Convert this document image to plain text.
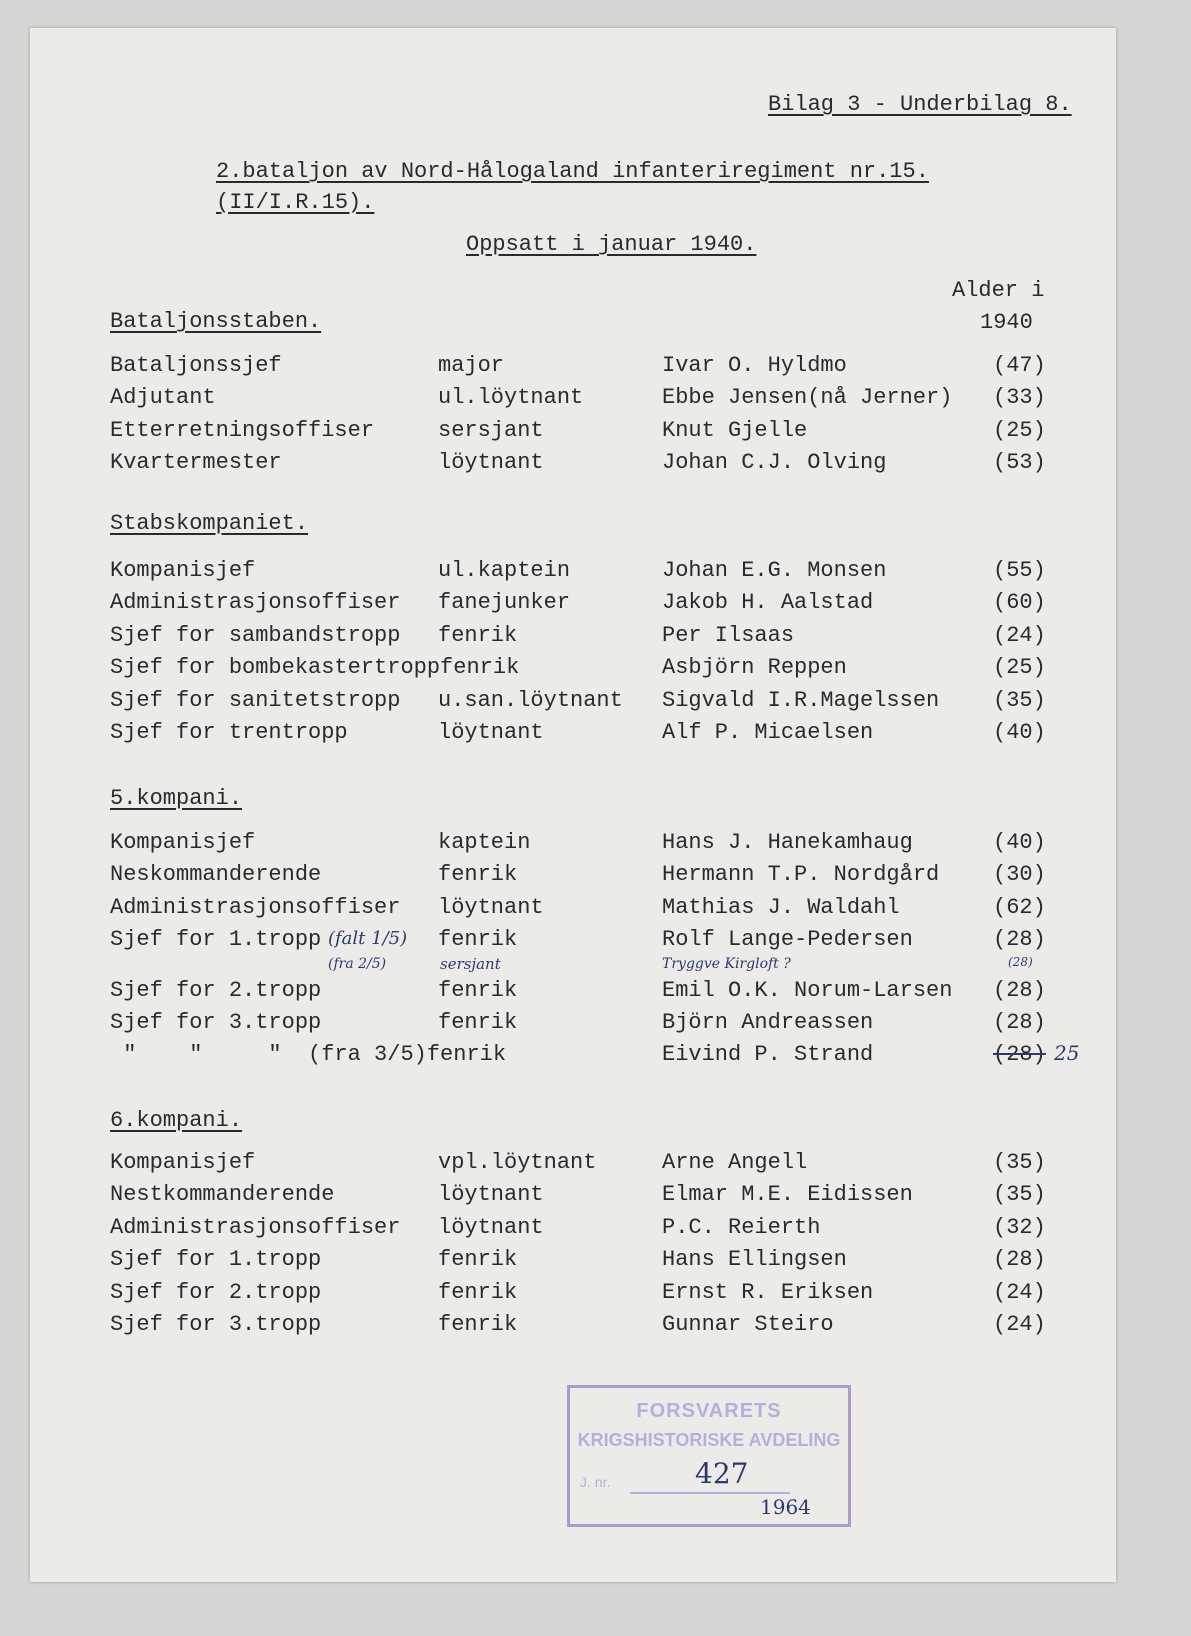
Bilag 3 - Underbilag 8.
2.bataljon av Nord-Hålogaland infanteriregiment nr.15.
(II/I.R.15).
Oppsatt i januar 1940.
Alder i
1940
Bataljonsstaben.
Bataljonssjef	major	Ivar O. Hyldmo	(47)
Adjutant	ul.löytnant	Ebbe Jensen(nå Jerner) (33)
Etterretningsoffiser	sersjant	Knut Gjelle	(25)
Kvartermester	löytnant	Johan C.J. Olving	(53)
Stabskompaniet.
Kompanisjef	ul.kaptein	Johan E.G. Monsen	(55)
Administrasjonsoffiser fanejunker	Jakob H. Aalstad	(60)
Sjef for sambandstropp fenrik	Per Ilsaas	(24)
Sjef for bombekastertroppfenrik	Asbjörn Reppen	(25)
Sjef for sanitetstropp u.san.löytnant Sigvald I.R.Magelssen (35)
Sjef for trentropp	löytnant	Alf P. Micaelsen	(40)
5.kompani.
Kompanisjef	kaptein	Hans J. Hanekamhaug	(40)
Neskommanderende	fenrik	Hermann T.P. Nordgård (30)
Administrasjonsoffiser löytnant	Mathias J. Waldahl	(62)
Sjef for 1.tropp	fenrik	Rolf Lange-Pedersen	(28)
Sjef for 2.tropp	fenrik	Emil O.K. Norum-Larsen (28)
Sjef for 3.tropp	fenrik	Björn Andreassen	(28)
"    "     "  (fra 3/5)fenrik	Eivind P. Strand	(28)
6.kompani.
Kompanisjef	vpl.löytnant	Arne Angell	(35)
Nestkommanderende	löytnant	Elmar M.E. Eidissen	(35)
Administrasjonsoffiser löytnant	P.C. Reierth	(32)
Sjef for 1.tropp	fenrik	Hans Ellingsen	(28)
Sjef for 2.tropp	fenrik	Ernst R. Eriksen	(24)
Sjef for 3.tropp	fenrik	Gunnar Steiro	(24)
(falt 1/5)
(fra 2/5)	sersjant	Tryggve Kirgloft ?	(28)
25
FORSVARETS
KRIGSHISTORISKE AVDELING
J. nr.	427
1964
